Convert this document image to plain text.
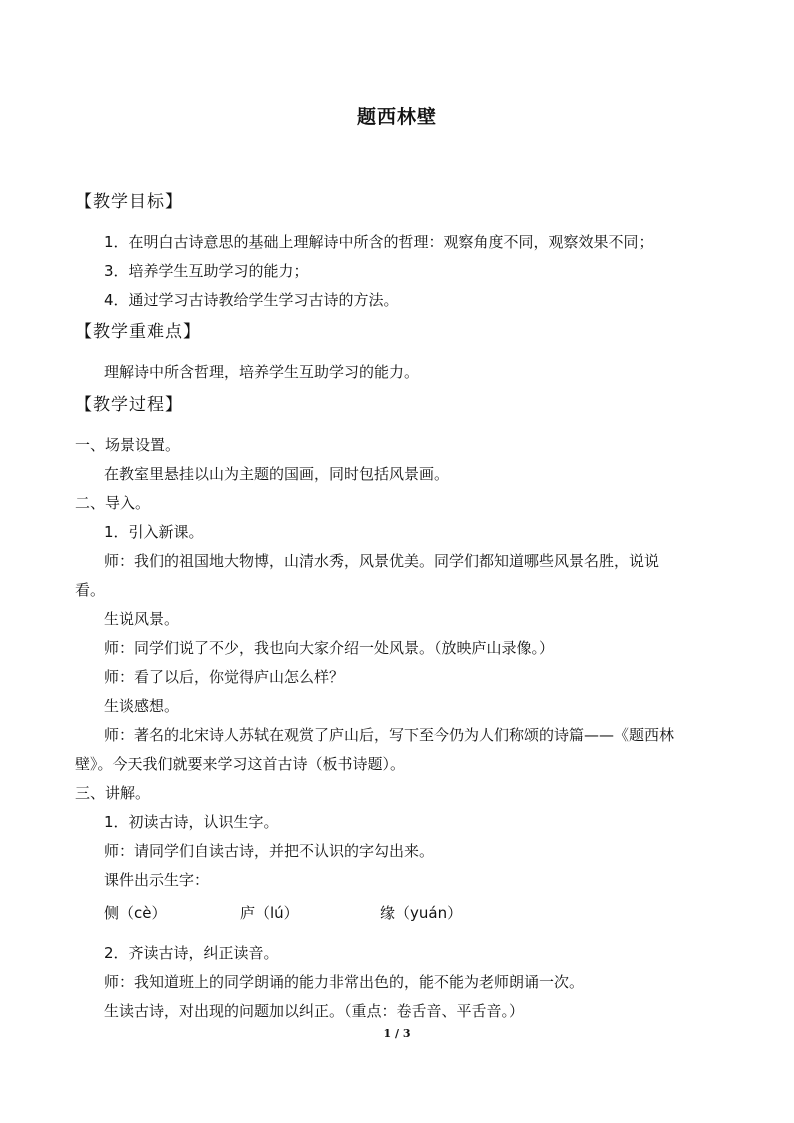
题西林壁
【教学目标】
1．在明白古诗意思的基础上理解诗中所含的哲理：观察角度不同，观察效果不同；
3．培养学生互助学习的能力；
4．通过学习古诗教给学生学习古诗的方法。
【教学重难点】
理解诗中所含哲理，培养学生互助学习的能力。
【教学过程】
一、场景设置。
在教室里悬挂以山为主题的国画，同时包括风景画。
二、导入。
1．引入新课。
师：我们的祖国地大物博，山清水秀，风景优美。同学们都知道哪些风景名胜，说说
看。
生说风景。
师：同学们说了不少，我也向大家介绍一处风景。（放映庐山录像。）
师：看了以后，你觉得庐山怎么样？
生谈感想。
师：著名的北宋诗人苏轼在观赏了庐山后，写下至今仍为人们称颂的诗篇——《题西林
壁》。今天我们就要来学习这首古诗（板书诗题）。
三、讲解。
1．初读古诗，认识生字。
师：请同学们自读古诗，并把不认识的字勾出来。
课件出示生字：
侧（cè）	庐（lú）	缘（yuán）
2．齐读古诗，纠正读音。
师：我知道班上的同学朗诵的能力非常出色的，能不能为老师朗诵一次。
生读古诗，对出现的问题加以纠正。（重点：卷舌音、平舌音。）
1 / 3
